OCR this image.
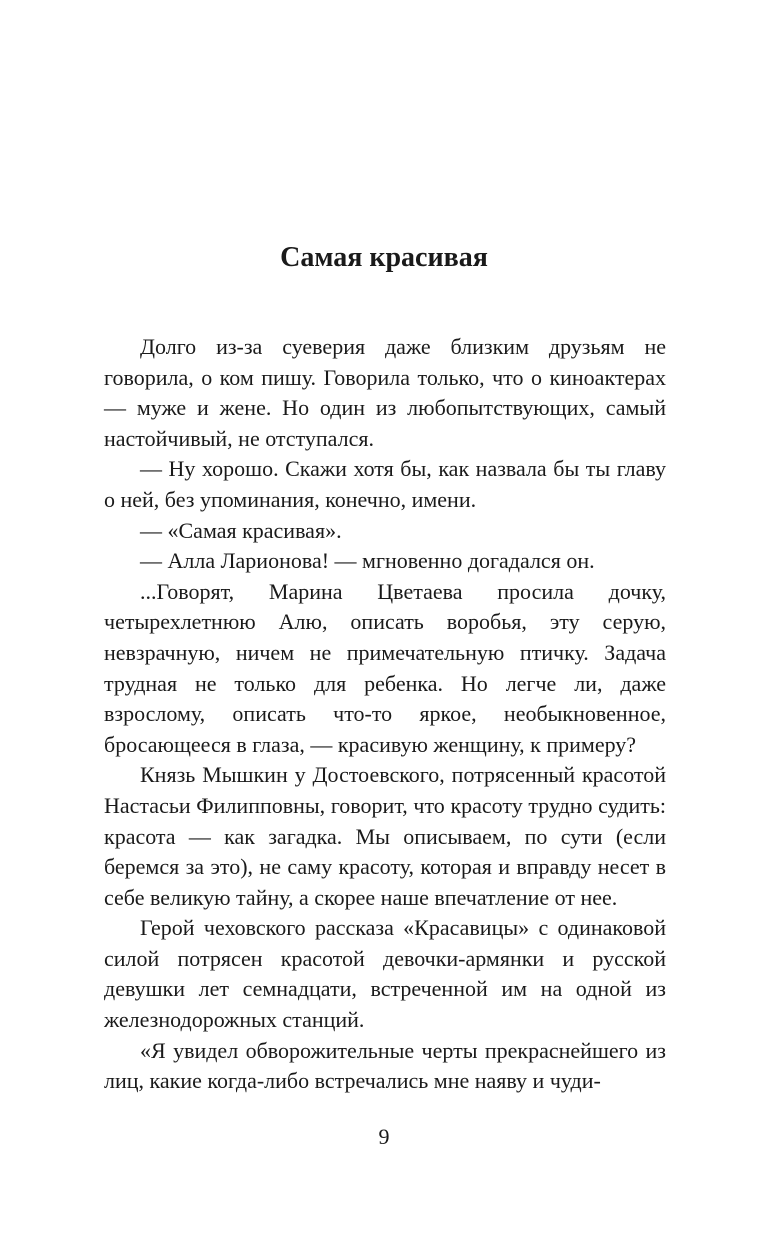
Самая красивая

Долго из-за суеверия даже близким друзьям не говорила, о ком пишу. Говорила только, что о киноактерах — муже и жене. Но один из любопытствующих, самый настойчивый, не отступался.

— Ну хорошо. Скажи хотя бы, как назвала бы ты главу о ней, без упоминания, конечно, имени.

— «Самая красивая».

— Алла Ларионова! — мгновенно догадался он.

...Говорят, Марина Цветаева просила дочку, четырехлетнюю Алю, описать воробья, эту серую, невзрачную, ничем не примечательную птичку. Задача трудная не только для ребенка. Но легче ли, даже взрослому, описать что-то яркое, необыкновенное, бросающееся в глаза, — красивую женщину, к примеру?

Князь Мышкин у Достоевского, потрясенный красотой Настасьи Филипповны, говорит, что красоту трудно судить: красота — как загадка. Мы описываем, по сути (если беремся за это), не саму красоту, которая и вправду несет в себе великую тайну, а скорее наше впечатление от нее.

Герой чеховского рассказа «Красавицы» с одинаковой силой потрясен красотой девочки-армянки и русской девушки лет семнадцати, встреченной им на одной из железнодорожных станций.

«Я увидел обворожительные черты прекраснейшего из лиц, какие когда-либо встречались мне наяву и чуди-

9
